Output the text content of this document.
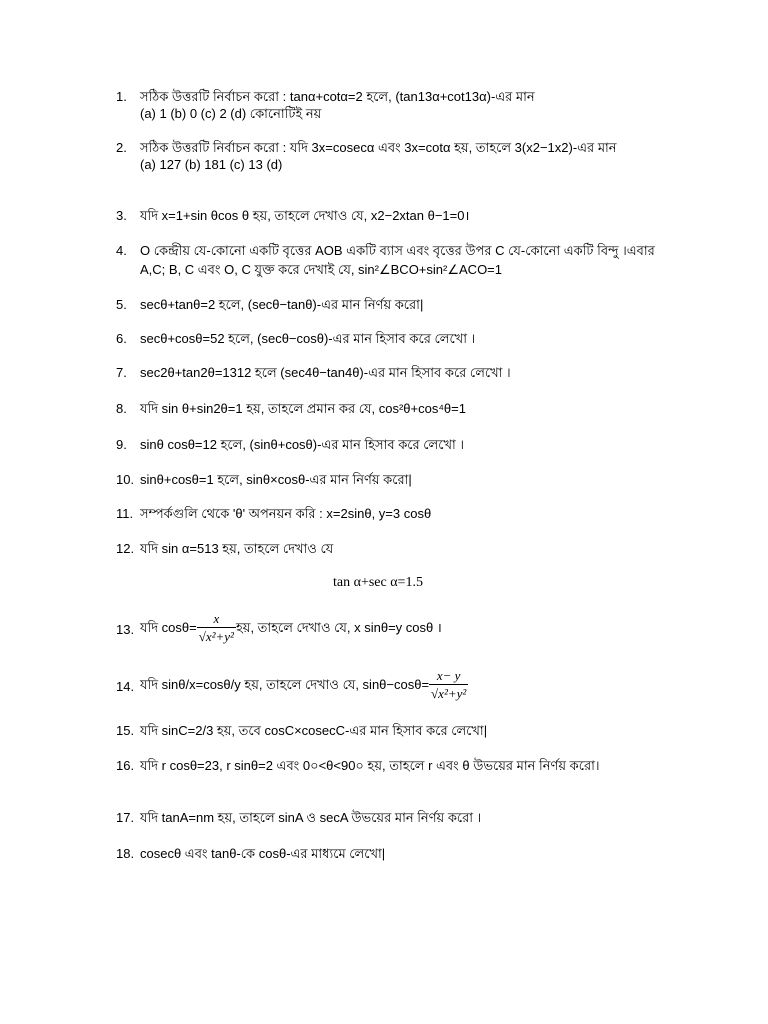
1. সঠিক উত্তরটি নির্বাচন করো : tanα+cotα=2 হলে, (tan13α+cot13α)-এর মান
(a) 1 (b) 0 (c) 2 (d) কোনোটিই নয়
2. সঠিক উত্তরটি নির্বাচন করো : যদি 3x=cosecα এবং 3x=cotα হয়, তাহলে 3(x2−1x2)-এর মান
(a) 127 (b) 181 (c) 13 (d)
3. যদি x=1+sin θcos θ হয়, তাহলে দেখাও যে, x2−2xtan θ−1=0।
4. O কেন্দ্রীয় যে-কোনো একটি বৃত্তের AOB একটি ব্যাস এবং বৃত্তের উপর C যে-কোনো একটি বিন্দু ।এবার
A,C; B, C এবং O, C যুক্ত করে দেখাই যে, sin²∠BCO+sin²∠ACO=1
5. secθ+tanθ=2 হলে, (secθ−tanθ)-এর মান নির্ণয় করো|
6. secθ+cosθ=52 হলে, (secθ−cosθ)-এর মান হিসাব করে লেখো ।
7. sec2θ+tan2θ=1312 হলে (sec4θ−tan4θ)-এর মান হিসাব করে লেখো ।
8. যদি sin θ+sin2θ=1 হয়, তাহলে প্রমান কর যে, cos²θ+cos⁴θ=1
9. sinθ cosθ=12 হলে, (sinθ+cosθ)-এর মান হিসাব করে লেখো ।
10. sinθ+cosθ=1 হলে, sinθ×cosθ-এর মান নির্ণয় করো|
11. সম্পর্কগুলি থেকে 'θ' অপনয়ন করি : x=2sinθ, y=3 cosθ
12. যদি sin α=513 হয়, তাহলে দেখাও যে
tan α+sec α=1.5
13. যদি $\cos\theta= \frac{x}{\text{√x²+y²}}$ হয়, তাহলে দেখাও যে, x sinθ=y cosθ ।
14. যদি sinθ/x=cosθ/y হয়, তাহলে দেখাও যে, $\sin\theta-\cos\theta= \frac{x- y}{\text{√x²+y²}}$
15. যদি sinC=2/3 হয়, তবে cosC×cosecC-এর মান হিসাব করে লেখো|
16. যদি r cosθ=23, r sinθ=2 এবং 0০<θ<90০ হয়, তাহলে r এবং θ উভয়ের মান নির্ণয় করো।
17. যদি tanA=nm হয়, তাহলে sinA ও secA উভয়ের মান নির্ণয় করো ।
18. cosecθ এবং tanθ-কে cosθ-এর মাধ্যমে লেখো|
